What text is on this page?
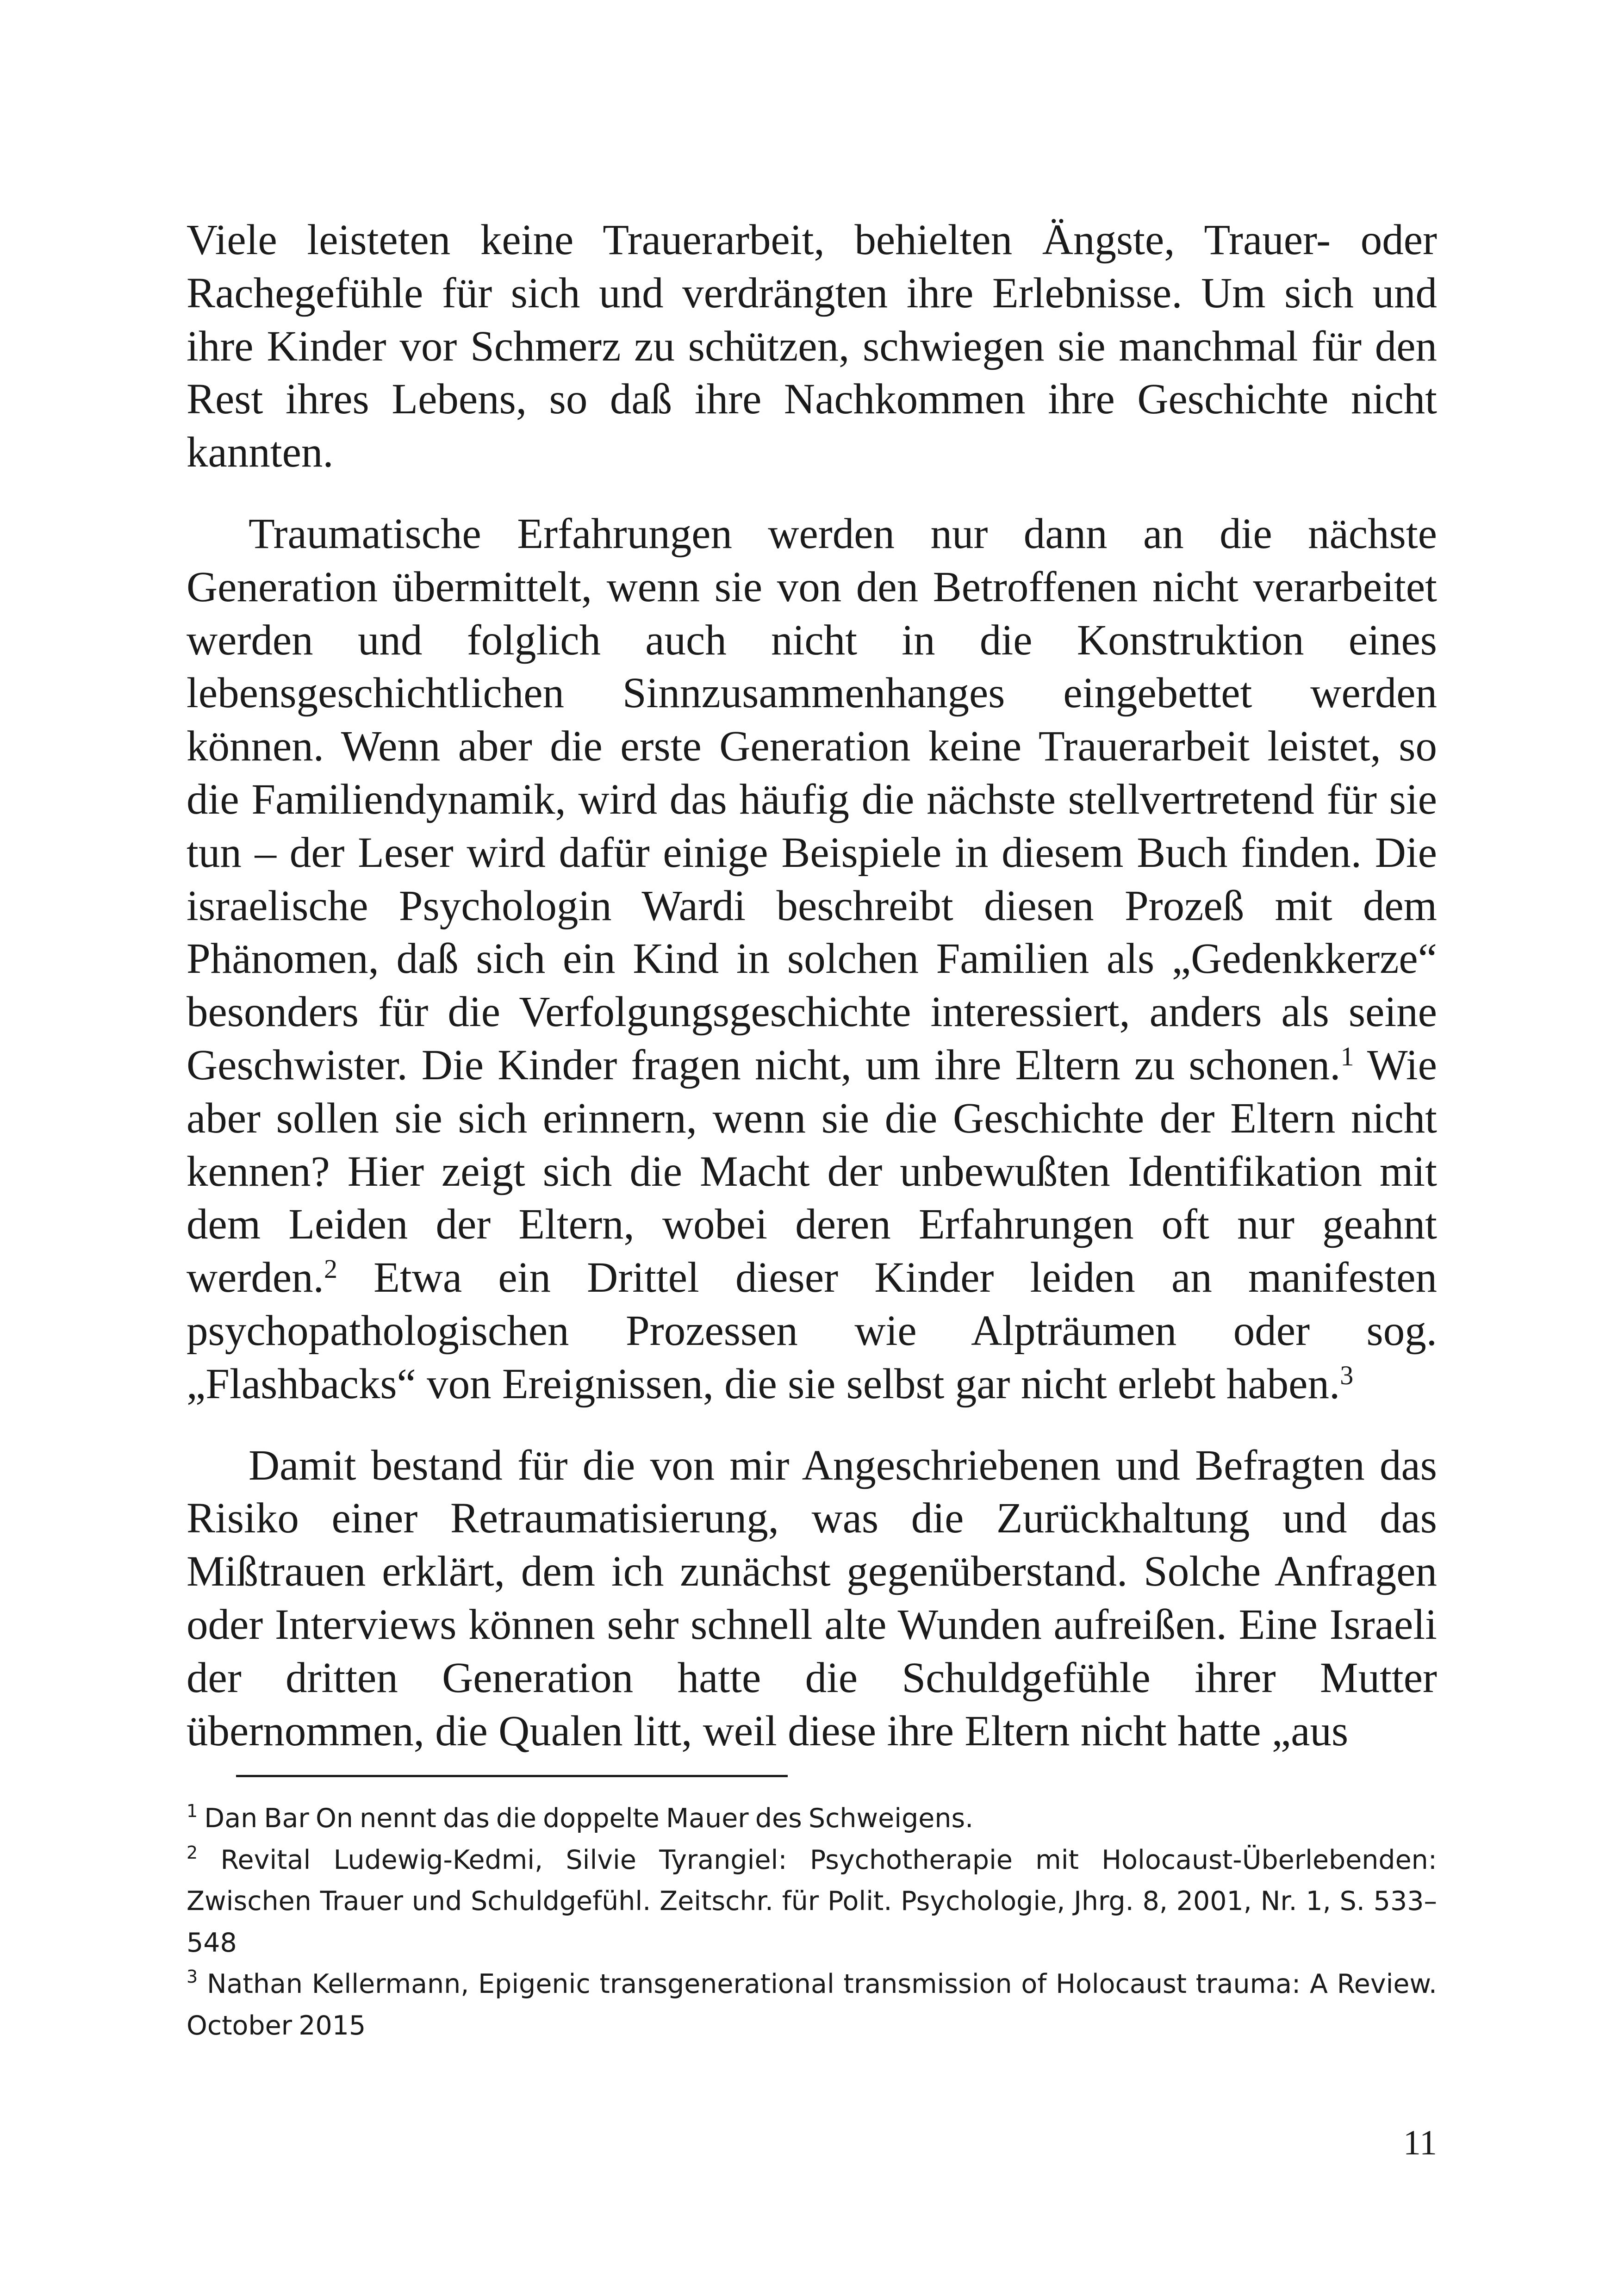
Viele leisteten keine Trauerarbeit, behielten Ängste, Trauer- oder Rachegefühle für sich und verdrängten ihre Erlebnisse. Um sich und ihre Kinder vor Schmerz zu schützen, schwiegen sie manchmal für den Rest ihres Lebens, so daß ihre Nachkommen ihre Geschichte nicht kannten.

Traumatische Erfahrungen werden nur dann an die nächste Generation übermittelt, wenn sie von den Betroffenen nicht verarbeitet werden und folglich auch nicht in die Konstruktion eines lebensgeschichtlichen Sinnzusammenhanges eingebettet werden können. Wenn aber die erste Generation keine Trauerarbeit leistet, so die Familiendynamik, wird das häufig die nächste stellvertretend für sie tun – der Leser wird dafür einige Beispiele in diesem Buch finden. Die israelische Psychologin Wardi beschreibt diesen Prozeß mit dem Phänomen, daß sich ein Kind in solchen Familien als „Gedenkkerze“ besonders für die Verfolgungsgeschichte interessiert, anders als seine Geschwister. Die Kinder fragen nicht, um ihre Eltern zu schonen.$^1$ Wie aber sollen sie sich erinnern, wenn sie die Geschichte der Eltern nicht kennen? Hier zeigt sich die Macht der unbewußten Identifikation mit dem Leiden der Eltern, wobei deren Erfahrungen oft nur geahnt werden.$^2$ Etwa ein Drittel dieser Kinder leiden an manifesten psychopathologischen Prozessen wie Alpträumen oder sog. „Flashbacks“ von Ereignissen, die sie selbst gar nicht erlebt haben.$^3$

Damit bestand für die von mir Angeschriebenen und Befragten das Risiko einer Retraumatisierung, was die Zurückhaltung und das Mißtrauen erklärt, dem ich zunächst gegenüberstand. Solche Anfragen oder Interviews können sehr schnell alte Wunden aufreißen. Eine Israeli der dritten Generation hatte die Schuldgefühle ihrer Mutter übernommen, die Qualen litt, weil diese ihre Eltern nicht hatte „aus

$^1$ Dan Bar On nennt das die doppelte Mauer des Schweigens.

$^2$ Revital Ludewig-Kedmi, Silvie Tyrangiel: Psychotherapie mit Holocaust-Überlebenden: Zwischen Trauer und Schuldgefühl. Zeitschr. für Polit. Psychologie, Jhrg. 8, 2001, Nr. 1, S. 533–548

$^3$ Nathan Kellermann, Epigenic transgenerational transmission of Holocaust trauma: A Review. October 2015

11
